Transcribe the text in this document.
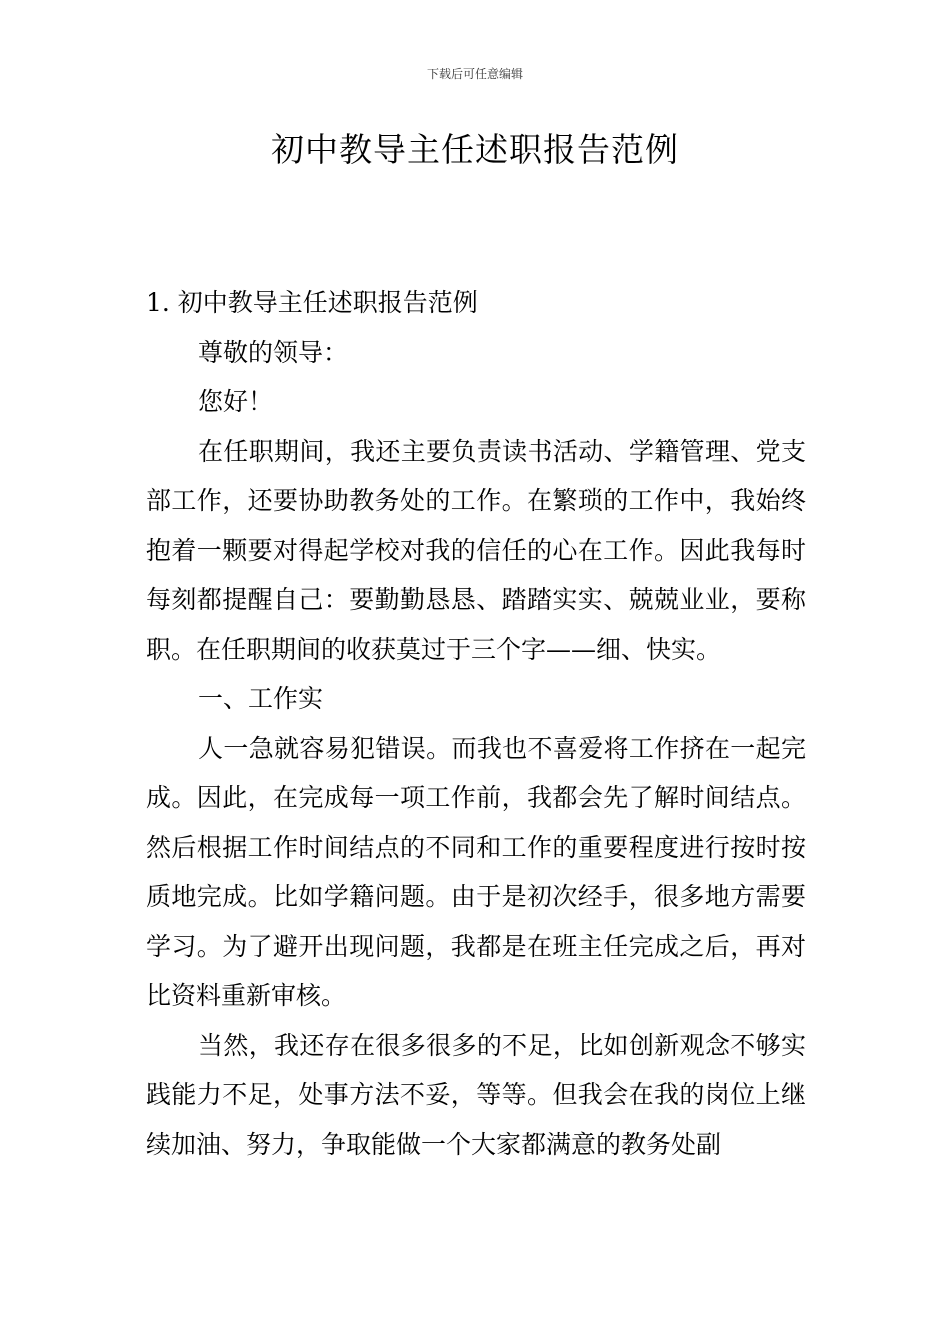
下载后可任意编辑
初中教导主任述职报告范例

1. 初中教导主任述职报告范例

尊敬的领导：

您好！

在任职期间，我还主要负责读书活动、学籍管理、党支部工作，还要协助教务处的工作。在繁琐的工作中，我始终抱着一颗要对得起学校对我的信任的心在工作。因此我每时每刻都提醒自己：要勤勤恳恳、踏踏实实、兢兢业业，要称职。在任职期间的收获莫过于三个字——细、快实。

一、工作实

人一急就容易犯错误。而我也不喜爱将工作挤在一起完成。因此，在完成每一项工作前，我都会先了解时间结点。然后根据工作时间结点的不同和工作的重要程度进行按时按质地完成。比如学籍问题。由于是初次经手，很多地方需要学习。为了避开出现问题，我都是在班主任完成之后，再对比资料重新审核。

当然，我还存在很多很多的不足，比如创新观念不够实践能力不足，处事方法不妥，等等。但我会在我的岗位上继续加油、努力，争取能做一个大家都满意的教务处副
